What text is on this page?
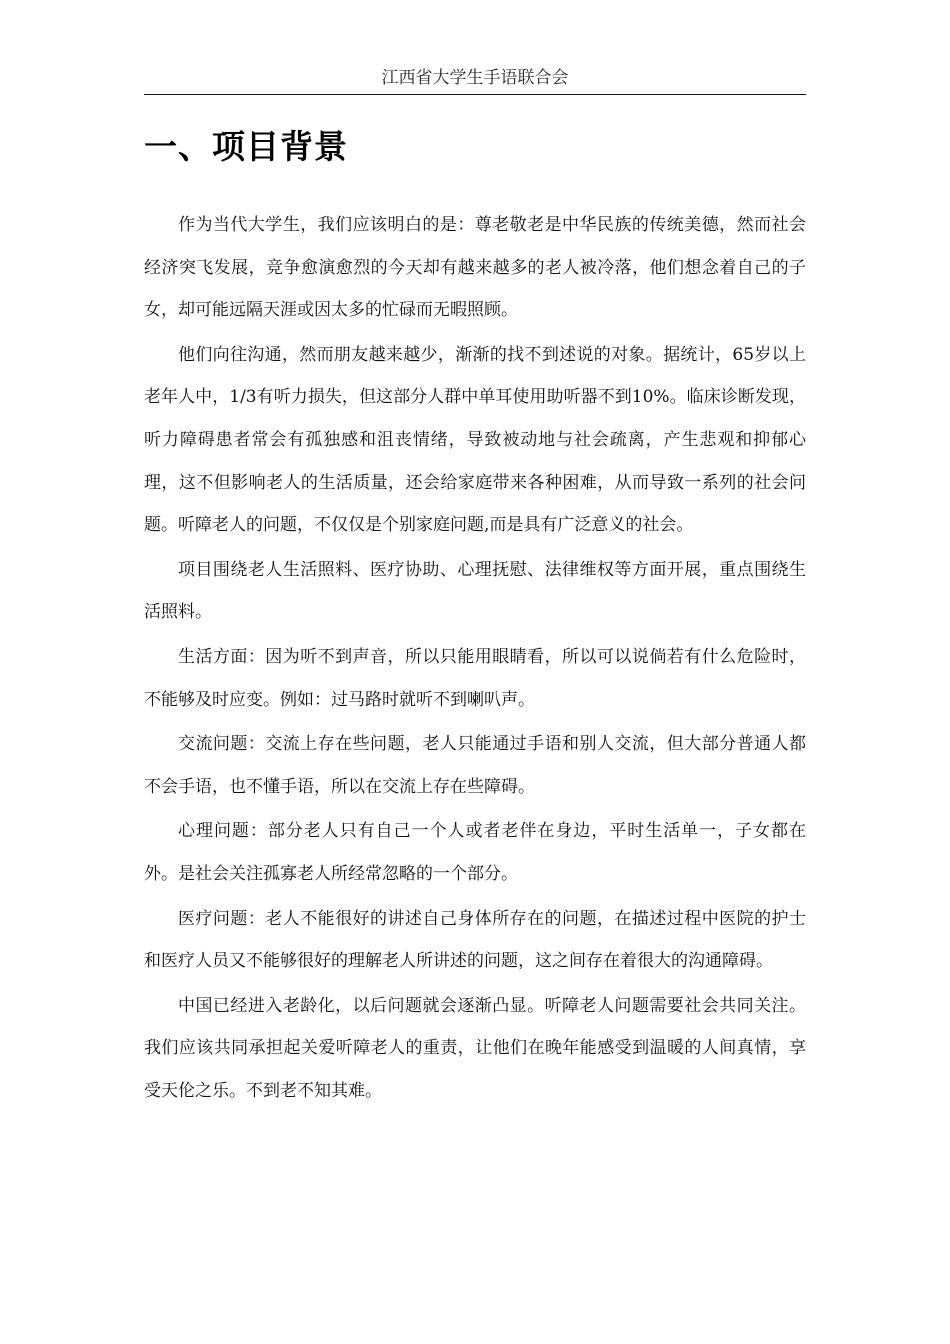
江西省大学生手语联合会
一、项目背景

作为当代大学生，我们应该明白的是：尊老敬老是中华民族的传统美德，然而社会经济突飞发展，竞争愈演愈烈的今天却有越来越多的老人被冷落，他们想念着自己的子女，却可能远隔天涯或因太多的忙碌而无暇照顾。

他们向往沟通，然而朋友越来越少，渐渐的找不到述说的对象。据统计，65岁以上老年人中，1/3有听力损失，但这部分人群中单耳使用助听器不到10%。临床诊断发现，听力障碍患者常会有孤独感和沮丧情绪，导致被动地与社会疏离，产生悲观和抑郁心理，这不但影响老人的生活质量，还会给家庭带来各种困难，从而导致一系列的社会问题。听障老人的问题，不仅仅是个别家庭问题,而是具有广泛意义的社会。

项目围绕老人生活照料、医疗协助、心理抚慰、法律维权等方面开展，重点围绕生活照料。

生活方面：因为听不到声音，所以只能用眼睛看，所以可以说倘若有什么危险时，不能够及时应变。例如：过马路时就听不到喇叭声。

交流问题：交流上存在些问题，老人只能通过手语和别人交流，但大部分普通人都不会手语，也不懂手语，所以在交流上存在些障碍。

心理问题：部分老人只有自己一个人或者老伴在身边，平时生活单一，子女都在外。是社会关注孤寡老人所经常忽略的一个部分。

医疗问题：老人不能很好的讲述自己身体所存在的问题，在描述过程中医院的护士和医疗人员又不能够很好的理解老人所讲述的问题，这之间存在着很大的沟通障碍。

中国已经进入老龄化，以后问题就会逐渐凸显。听障老人问题需要社会共同关注。我们应该共同承担起关爱听障老人的重责，让他们在晚年能感受到温暖的人间真情，享受天伦之乐。不到老不知其难。
